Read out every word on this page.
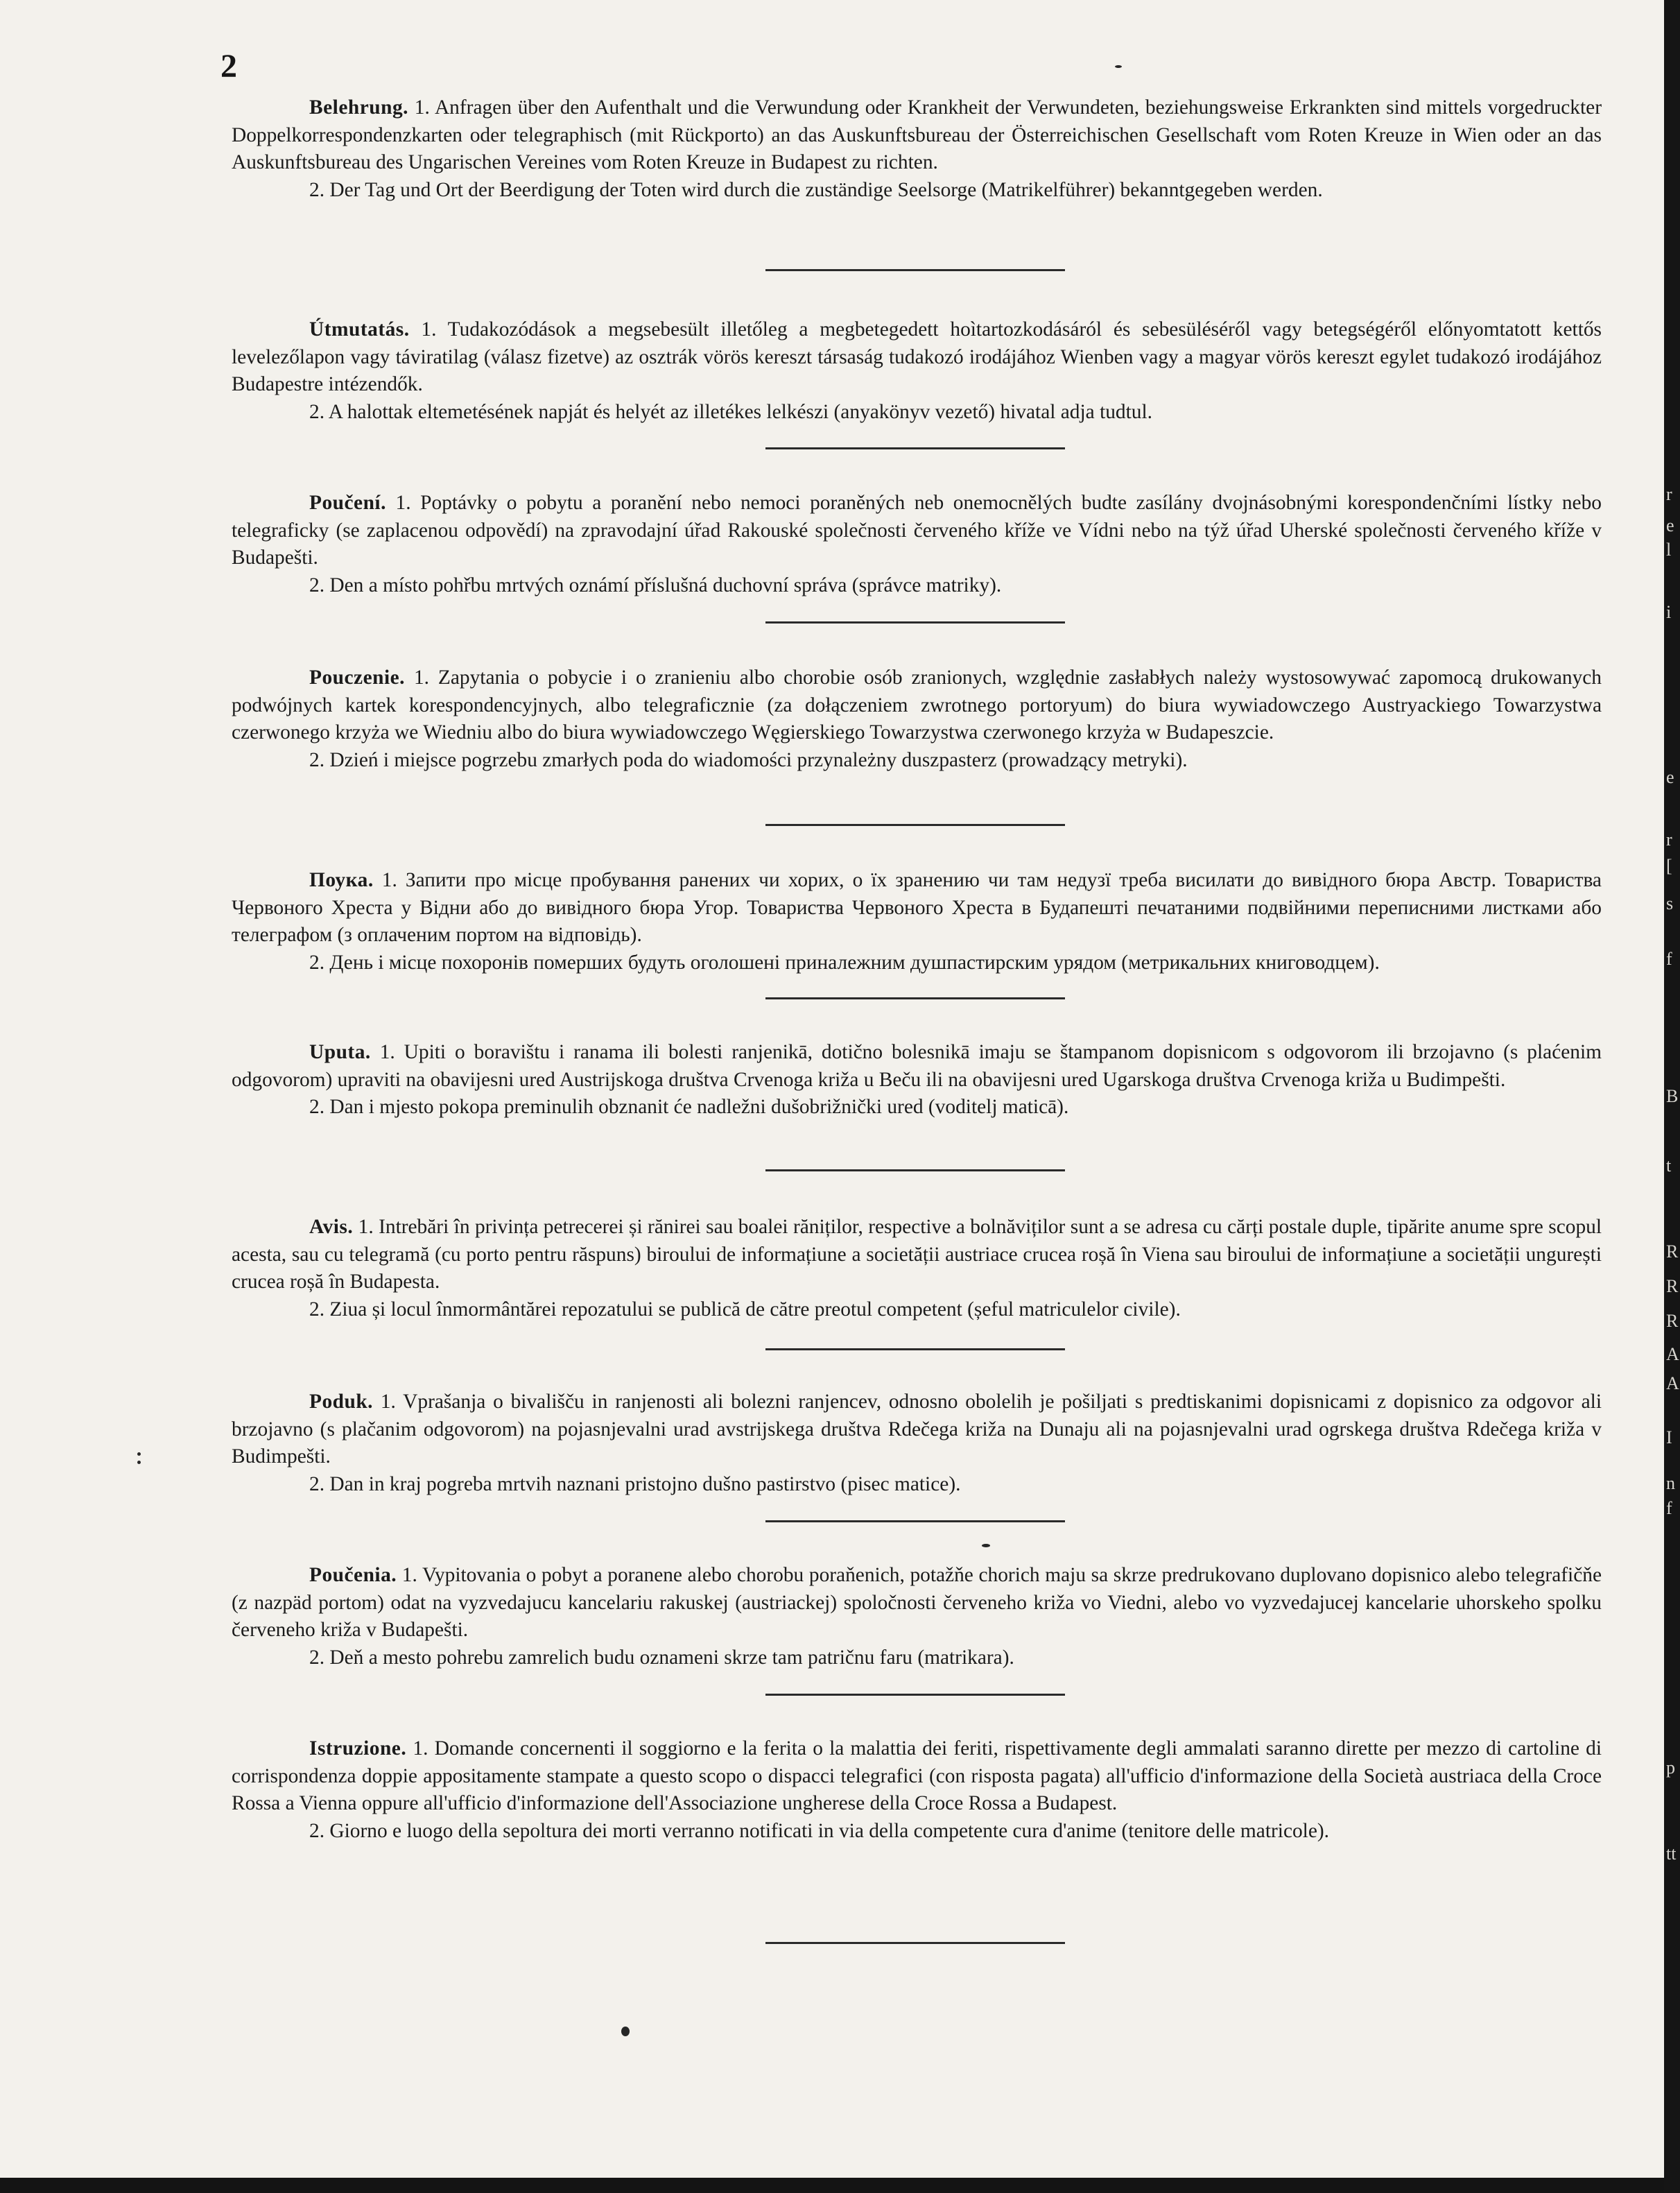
2

Belehrung. 1. Anfragen über den Aufenthalt und die Verwundung oder Krankheit der Verwundeten, beziehungsweise Erkrankten sind mittels vorgedruckter Doppelkorrespondenzkarten oder telegraphisch (mit Rückporto) an das Auskunftsbureau der Österreichischen Gesellschaft vom Roten Kreuze in Wien oder an das Auskunftsbureau des Ungarischen Vereines vom Roten Kreuze in Budapest zu richten.

2. Der Tag und Ort der Beerdigung der Toten wird durch die zuständige Seelsorge (Matrikelführer) bekanntgegeben werden.

Útmutatás. 1. Tudakozódások a megsebesült illetőleg a megbetegedett hoìtartozkodásáról és sebesüléséről vagy betegségéről előnyomtatott kettős levelezőlapon vagy táviratilag (válasz fizetve) az osztrák vörös kereszt társaság tudakozó irodájához Wienben vagy a magyar vörös kereszt egylet tudakozó irodájához Budapestre intézendők.

2. A halottak eltemetésének napját és helyét az illetékes lelkészi (anyakönyv vezető) hivatal adja tudtul.

Poučení. 1. Poptávky o pobytu a poranění nebo nemoci poraněných neb onemocnělých budte zasílány dvojnásobnými korespondenčními lístky nebo telegraficky (se zaplacenou odpovědí) na zpravodajní úřad Rakouské společnosti červeného kříže ve Vídni nebo na týž úřad Uherské společnosti červeného kříže v Budapešti.

2. Den a místo pohřbu mrtvých oznámí příslušná duchovní správa (správce matriky).

Pouczenie. 1. Zapytania o pobycie i o zranieniu albo chorobie osób zranionych, względnie zasłabłych należy wystosowywać zapomocą drukowanych podwójnych kartek korespondencyjnych, albo telegraficznie (za dołączeniem zwrotnego portoryum) do biura wywiadowczego Austryackiego Towarzystwa czerwonego krzyża we Wiedniu albo do biura wywiadowczego Węgierskiego Towarzystwa czerwonego krzyża w Budapeszcie.

2. Dzień i miejsce pogrzebu zmarłych poda do wiadomości przynależny duszpasterz (prowadzący metryki).

Поука. 1. Запити про місце пробування ранених чи хорих, о їх зранению чи там недузї треба висилати до вивідного бюра Австр. Товариства Червоного Хреста у Відни або до вивідного бюра Угор. Товариства Червоного Хреста в Будапешті печатаними подвійними переписними листками або телеграфом (з оплаченим портом на відповідь).

2. День і місце похоронів померших будуть оголошені приналежним душпастирским урядом (метрикальних книговодцем).

Uputa. 1. Upiti o boravištu i ranama ili bolesti ranjenikā, dotično bolesnikā imaju se štampanom dopisnicom s odgovorom ili brzojavno (s plaćenim odgovorom) upraviti na obavijesni ured Austrijskoga društva Crvenoga križa u Beču ili na obavijesni ured Ugarskoga društva Crvenoga križa u Budimpešti.

2. Dan i mjesto pokopa preminulih obznanit će nadležni dušobrižnički ured (voditelj maticā).

Avis. 1. Intrebări în privința petrecerei și rănirei sau boalei răniților, respective a bolnăviților sunt a se adresa cu cărți postale duple, tipărite anume spre scopul acesta, sau cu telegramă (cu porto pentru răspuns) biroului de informațiune a societății austriace crucea roșă în Viena sau biroului de informațiune a societății ungurești crucea roșă în Budapesta.

2. Ziua și locul înmormântărei repozatului se publică de către preotul competent (șeful matriculelor civile).

Poduk. 1. Vprašanja o bivališču in ranjenosti ali bolezni ranjencev, odnosno obolelih je pošiljati s predtiskanimi dopisnicami z dopisnico za odgovor ali brzojavno (s plačanim odgovorom) na pojasnjevalni urad avstrijskega društva Rdečega križa na Dunaju ali na pojasnjevalni urad ogrskega društva Rdečega križa v Budimpešti.

2. Dan in kraj pogreba mrtvih naznani pristojno dušno pastirstvo (pisec matice).

Poučenia. 1. Vypitovania o pobyt a poranene alebo chorobu poraňenich, potažňe chorich maju sa skrze predrukovano duplovano dopisnico alebo telegrafičňe (z nazpäd portom) odat na vyzvedajucu kancelariu rakuskej (austriackej) spoločnosti červeneho križa vo Viedni, alebo vo vyzvedajucej kancelarie uhorskeho spolku červeneho križa v Budapešti.

2. Deň a mesto pohrebu zamrelich budu oznamеni skrze tam patričnu faru (matrikara).

Istruzione. 1. Domande concernenti il soggiorno e la ferita o la malattia dei feriti, rispettivamente degli ammalati saranno dirette per mezzo di cartoline di corrispondenza doppie appositamente stampate a questo scopo o dispacci telegrafici (con risposta pagata) all'ufficio d'informazione della Società austriaca della Croce Rossa a Vienna oppure all'ufficio d'informazione dell'Associazione ungherese della Croce Rossa a Budapest.

2. Giorno e luogo della sepoltura dei morti verranno notificati in via della competente cura d'anime (tenitore delle matricole).

r
e
l
i
e
r
[
s
f
B
t
R
R
R
A
A
I
n
f
p
tt
